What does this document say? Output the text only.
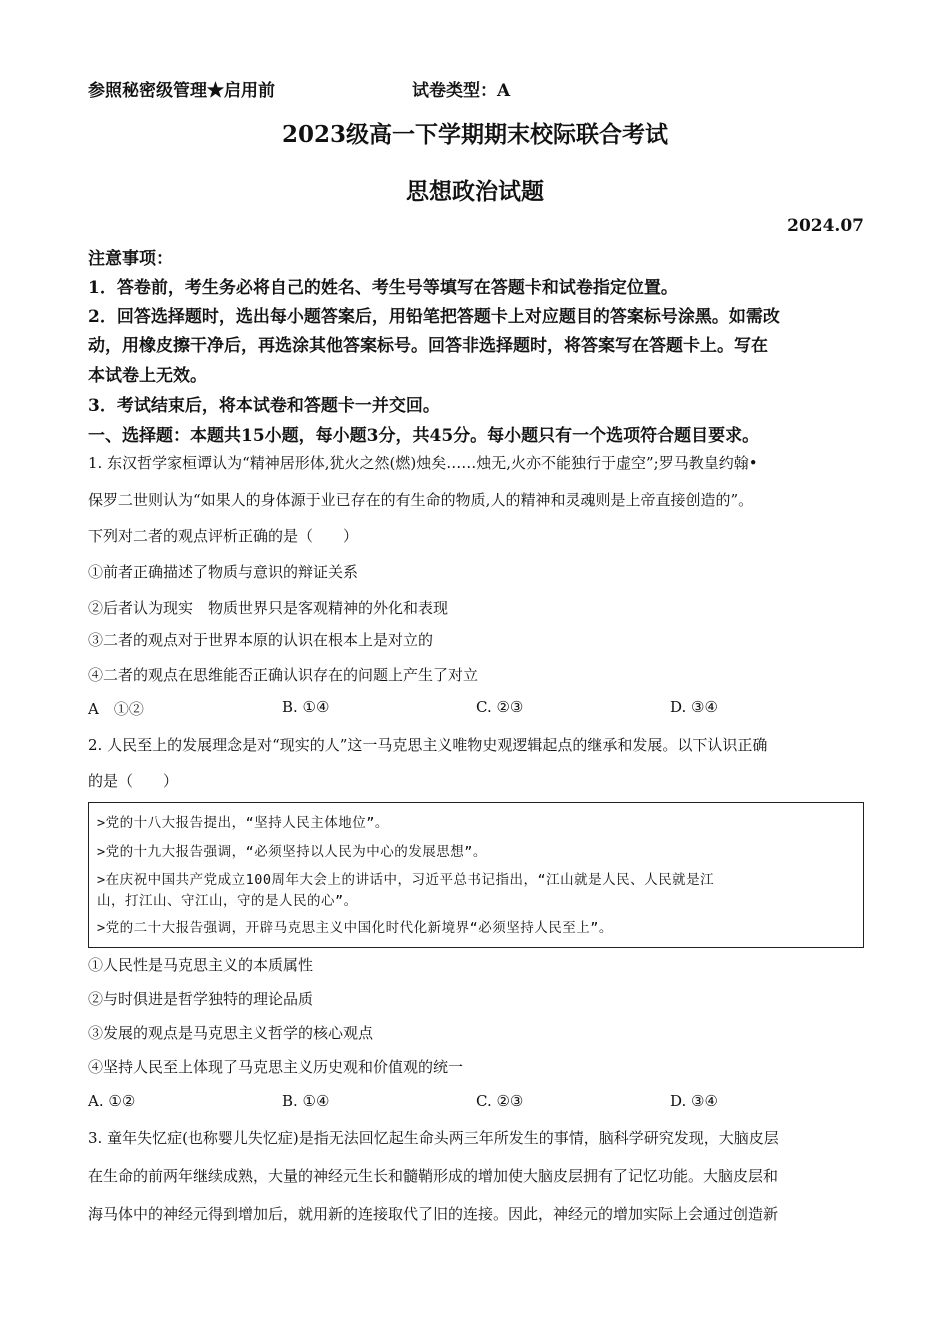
参照秘密级管理★启用前	试卷类型：A
2023级高一下学期期末校际联合考试
思想政治试题
2024.07
注意事项：
1．答卷前，考生务必将自己的姓名、考生号等填写在答题卡和试卷指定位置。
2．回答选择题时，选出每小题答案后，用铅笔把答题卡上对应题目的答案标号涂黑。如需改
动，用橡皮擦干净后，再选涂其他答案标号。回答非选择题时，将答案写在答题卡上。写在
本试卷上无效。
3．考试结束后，将本试卷和答题卡一并交回。
一、选择题：本题共15小题，每小题3分，共45分。每小题只有一个选项符合题目要求。
1. 东汉哲学家桓谭认为“精神居形体,犹火之然(燃)烛矣……烛无,火亦不能独行于虚空”;罗马教皇约翰•
保罗二世则认为“如果人的身体源于业已存在的有生命的物质,人的精神和灵魂则是上帝直接创造的”。
下列对二者的观点评析正确的是（　　）
①前者正确描述了物质与意识的辩证关系
②后者认为现实　物质世界只是客观精神的外化和表现
③二者的观点对于世界本原的认识在根本上是对立的
④二者的观点在思维能否正确认识存在的问题上产生了对立
A　①②	B. ①④	C. ②③	D. ③④
2. 人民至上的发展理念是对“现实的人”这一马克思主义唯物史观逻辑起点的继承和发展。以下认识正确
的是（　　）
>党的十八大报告提出，“坚持人民主体地位”。
>党的十九大报告强调，“必须坚持以人民为中心的发展思想”。
>在庆祝中国共产党成立100周年大会上的讲话中，习近平总书记指出，“江山就是人民、人民就是江
山，打江山、守江山，守的是人民的心”。
>党的二十大报告强调，开辟马克思主义中国化时代化新境界“必须坚持人民至上”。
①人民性是马克思主义的本质属性
②与时俱进是哲学独特的理论品质
③发展的观点是马克思主义哲学的核心观点
④坚持人民至上体现了马克思主义历史观和价值观的统一
A. ①②	B. ①④	C. ②③	D. ③④
3. 童年失忆症(也称婴儿失忆症)是指无法回忆起生命头两三年所发生的事情，脑科学研究发现，大脑皮层
在生命的前两年继续成熟，大量的神经元生长和髓鞘形成的增加使大脑皮层拥有了记忆功能。大脑皮层和
海马体中的神经元得到增加后，就用新的连接取代了旧的连接。因此，神经元的增加实际上会通过创造新
